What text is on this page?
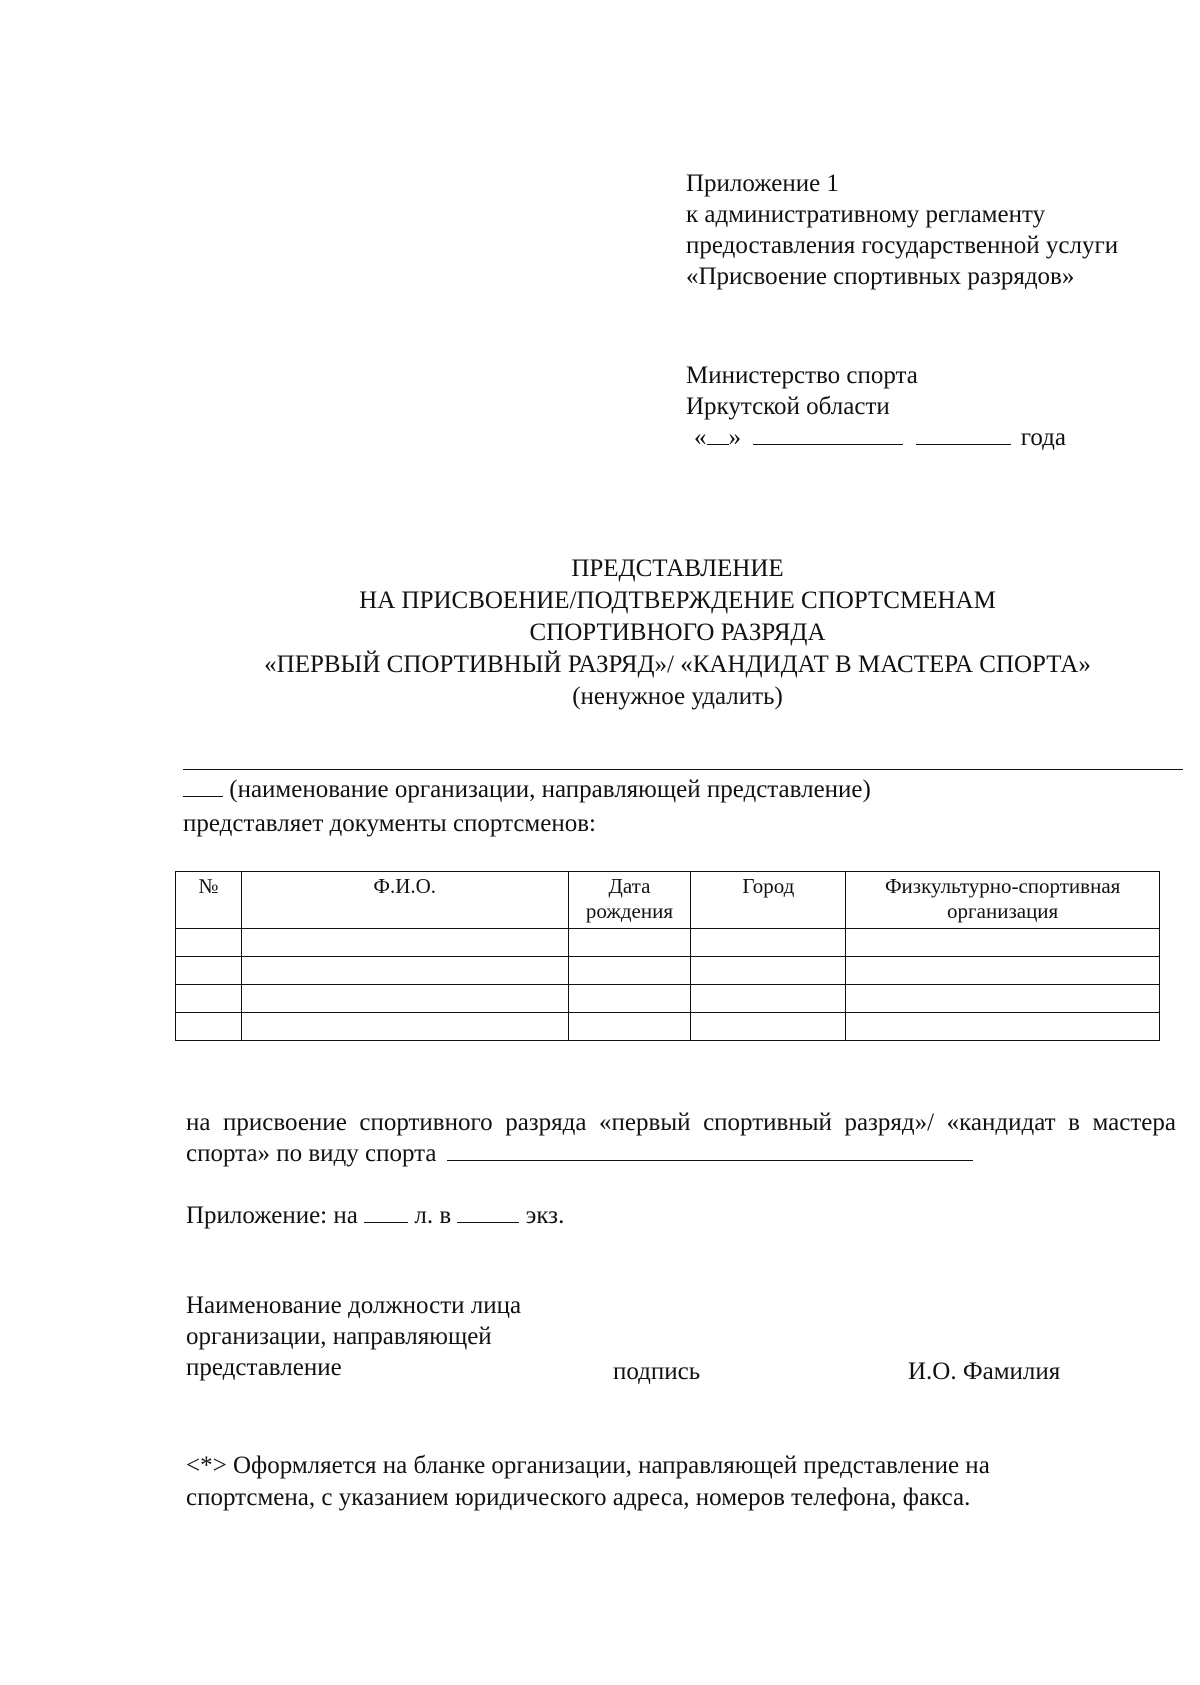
Приложение 1
к административному регламенту
предоставления государственной услуги
«Присвоение спортивных разрядов»
Министерство спорта
Иркутской области
« »	года
ПРЕДСТАВЛЕНИЕ
НА ПРИСВОЕНИЕ/ПОДТВЕРЖДЕНИЕ СПОРТСМЕНАМ
СПОРТИВНОГО РАЗРЯДА
«ПЕРВЫЙ СПОРТИВНЫЙ РАЗРЯД»/ «КАНДИДАТ В МАСТЕРА СПОРТА»
(ненужное удалить)
(наименование организации, направляющей представление)
представляет документы спортсменов:
№	Ф.И.О.	Дата рождения	Город	Физкультурно-спортивная организация

на присвоение спортивного разряда «первый спортивный разряд»/ «кандидат в мастера спорта» по виду спорта
Приложение: на л. в	экз.
Наименование должности лица
организации, направляющей
представление	подпись	И.О. Фамилия
<*> Оформляется на бланке организации, направляющей представление на
спортсмена, с указанием юридического адреса, номеров телефона, факса.
